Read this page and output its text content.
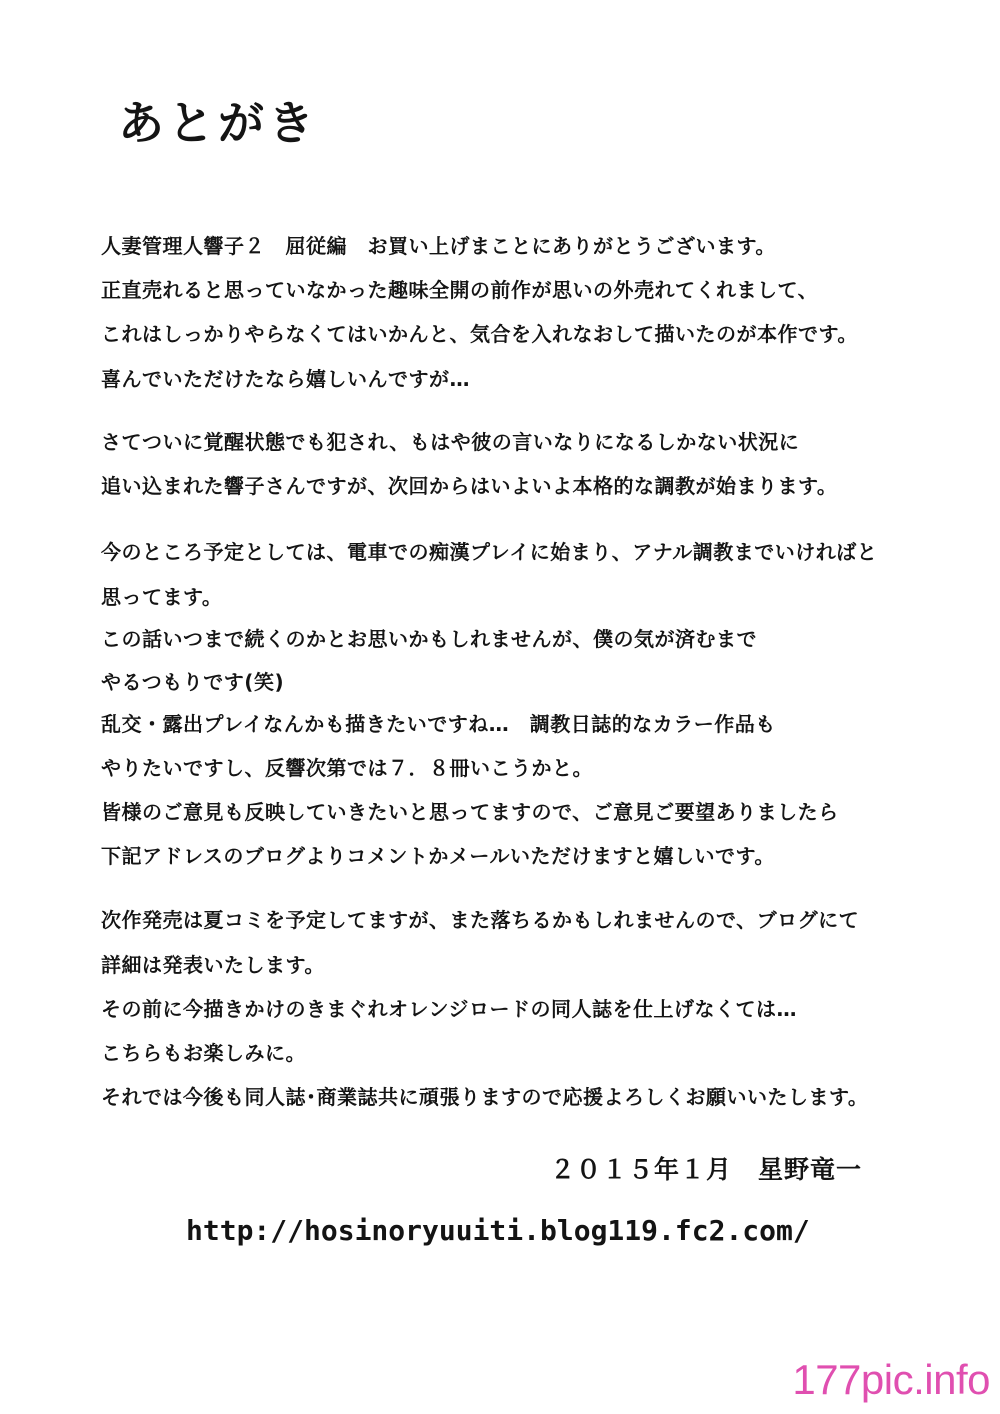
あとがき
人妻管理人響子２　屈従編　お買い上げまことにありがとうございます。
正直売れると思っていなかった趣味全開の前作が思いの外売れてくれまして、
これはしっかりやらなくてはいかんと、気合を入れなおして描いたのが本作です。
喜んでいただけたなら嬉しいんですが…
さてついに覚醒状態でも犯され、もはや彼の言いなりになるしかない状況に
追い込まれた響子さんですが、次回からはいよいよ本格的な調教が始まります。
今のところ予定としては、電車での痴漢プレイに始まり、アナル調教までいければと
思ってます。
この話いつまで続くのかとお思いかもしれませんが、僕の気が済むまで
やるつもりです(笑)
乱交・露出プレイなんかも描きたいですね…　調教日誌的なカラー作品も
やりたいですし、反響次第では７．８冊いこうかと。
皆様のご意見も反映していきたいと思ってますので、ご意見ご要望ありましたら
下記アドレスのブログよりコメントかメールいただけますと嬉しいです。
次作発売は夏コミを予定してますが、また落ちるかもしれませんので、ブログにて
詳細は発表いたします。
その前に今描きかけのきまぐれオレンジロードの同人誌を仕上げなくては…
こちらもお楽しみに。
それでは今後も同人誌･商業誌共に頑張りますので応援よろしくお願いいたします。
２０１５年１月　星野竜一
http://hosinoryuuiti.blog119.fc2.com/
177pic.info
